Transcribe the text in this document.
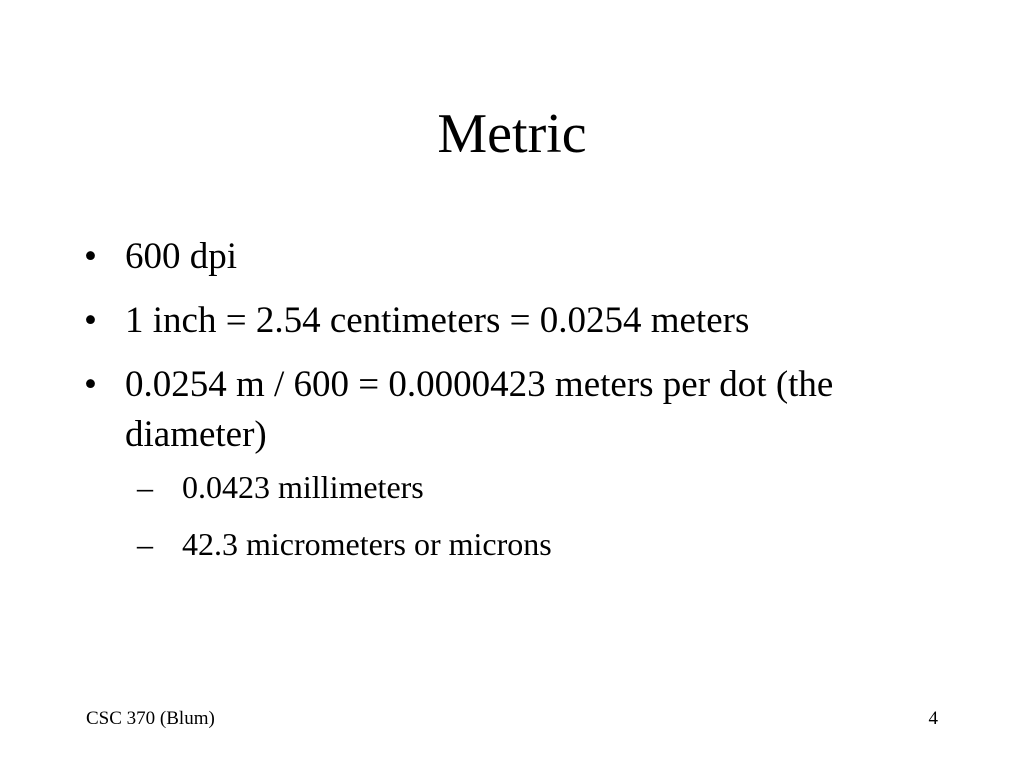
Metric
• 600 dpi
• 1 inch = 2.54 centimeters = 0.0254 meters
• 0.0254 m / 600 = 0.0000423 meters per dot (the diameter)
– 0.0423 millimeters
– 42.3 micrometers or microns
CSC 370 (Blum)	4
